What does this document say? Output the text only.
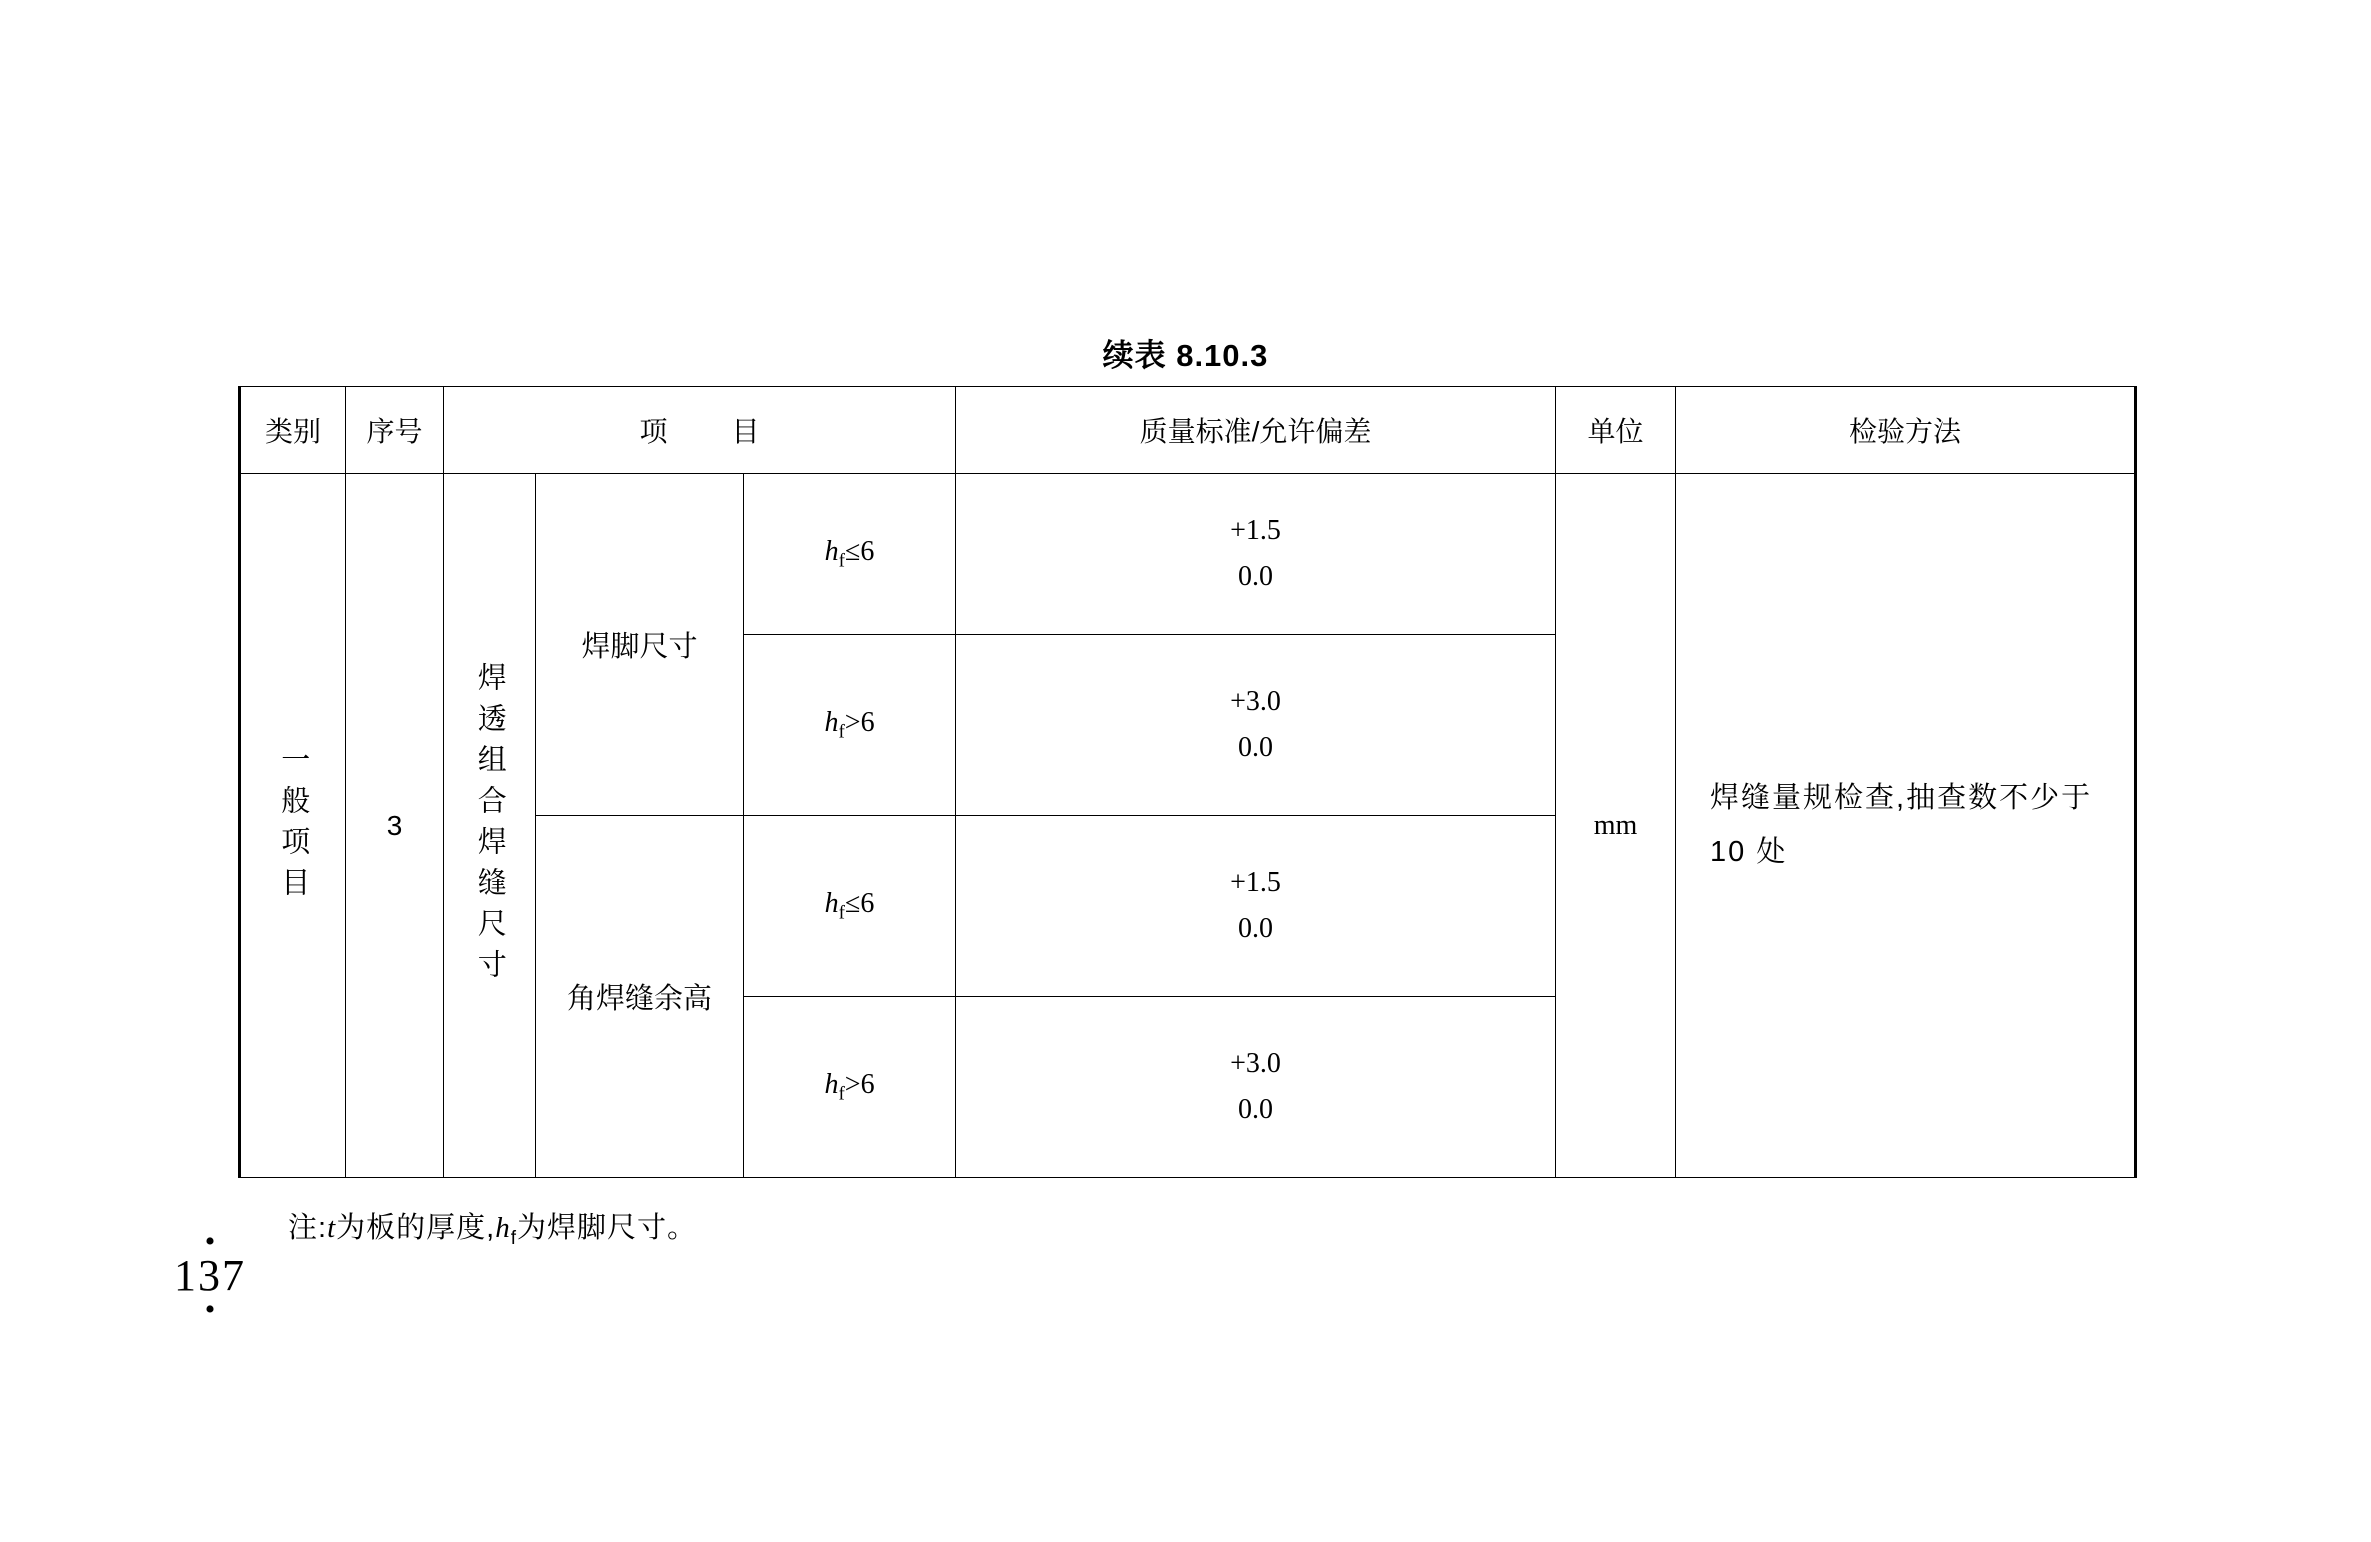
续表 8.10.3
类别	序号	项　目			质量标准/允许偏差	单位	检验方法

一般项目	3	焊透组合焊缝尺寸	焊脚尺寸	$h_f\le 6$	+1.5
0.0	mm	焊缝量规检查,抽查数不少于 10 处

				$h_f>6$	+3.0
0.0		

			角焊缝余高	$h_f\le 6$	+1.5
0.0		

				$h_f>6$	+3.0
0.0		
注:t为板的厚度$,h_f$为焊脚尺寸。
•
137
•
